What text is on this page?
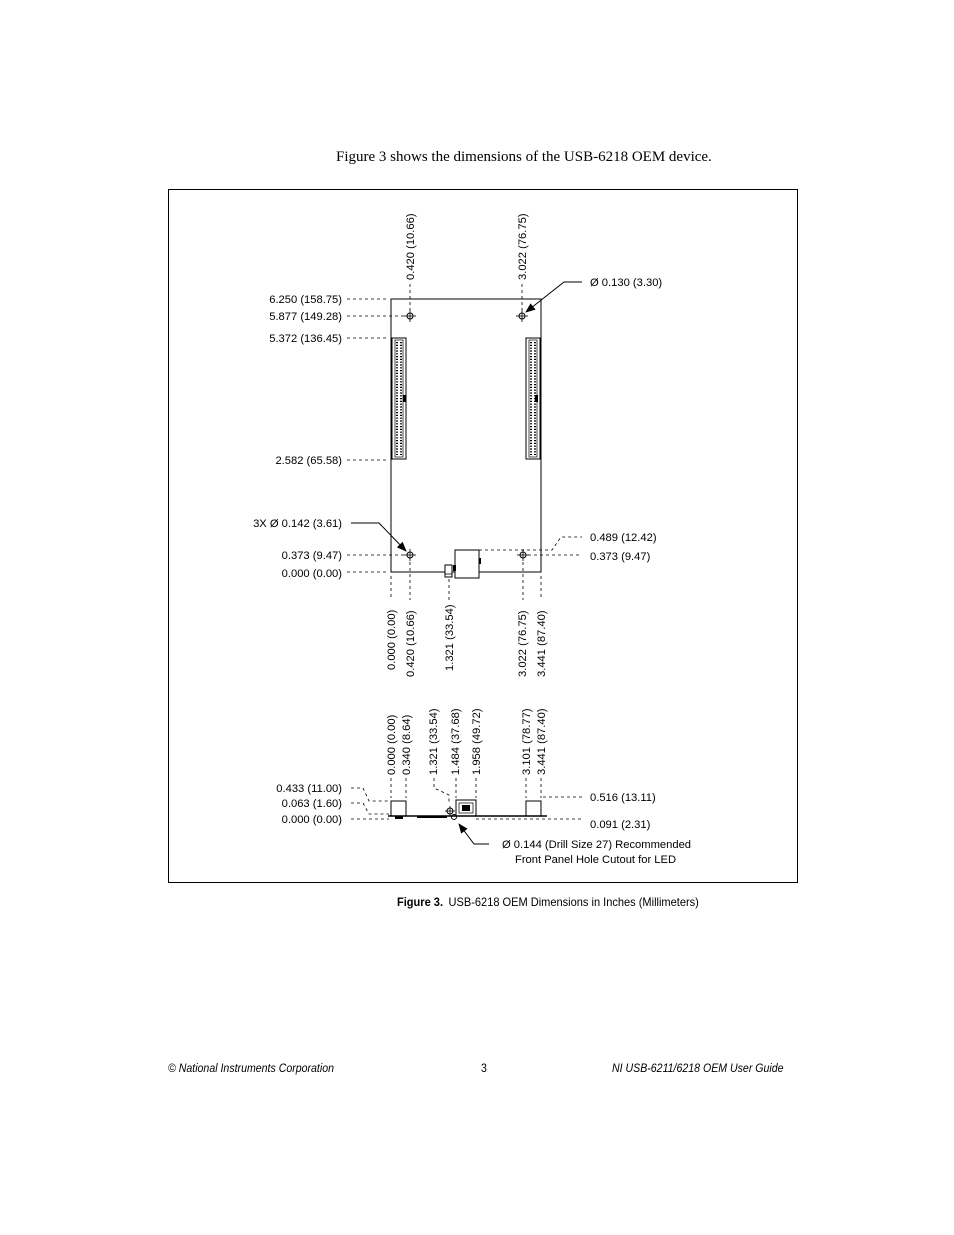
Figure 3 shows the dimensions of the USB-6218 OEM device.
6.250 (158.75)
5.877 (149.28)
5.372 (136.45)
2.582 (65.58)
3X Ø 0.142 (3.61)
0.373 (9.47)
0.000 (0.00)
Ø 0.130 (3.30)
0.489 (12.42)
0.373 (9.47)
0.420 (10.66)	3.022 (76.75)
0.000 (0.00) 0.420 (10.66) 1.321 (33.54)	3.022 (76.75) 3.441 (87.40)
0.000 (0.00) 0.340 (8.64) 1.321 (33.54) 1.484 (37.68) 1.958 (49.72)	3.101 (78.77) 3.441 (87.40)
0.433 (11.00)
0.063 (1.60)
0.000 (0.00)
0.516 (13.11)
0.091 (2.31)
Ø 0.144 (Drill Size 27) Recommended
Front Panel Hole Cutout for LED
Figure 3. USB-6218 OEM Dimensions in Inches (Millimeters)
© National Instruments Corporation	3	NI USB-6211/6218 OEM User Guide
